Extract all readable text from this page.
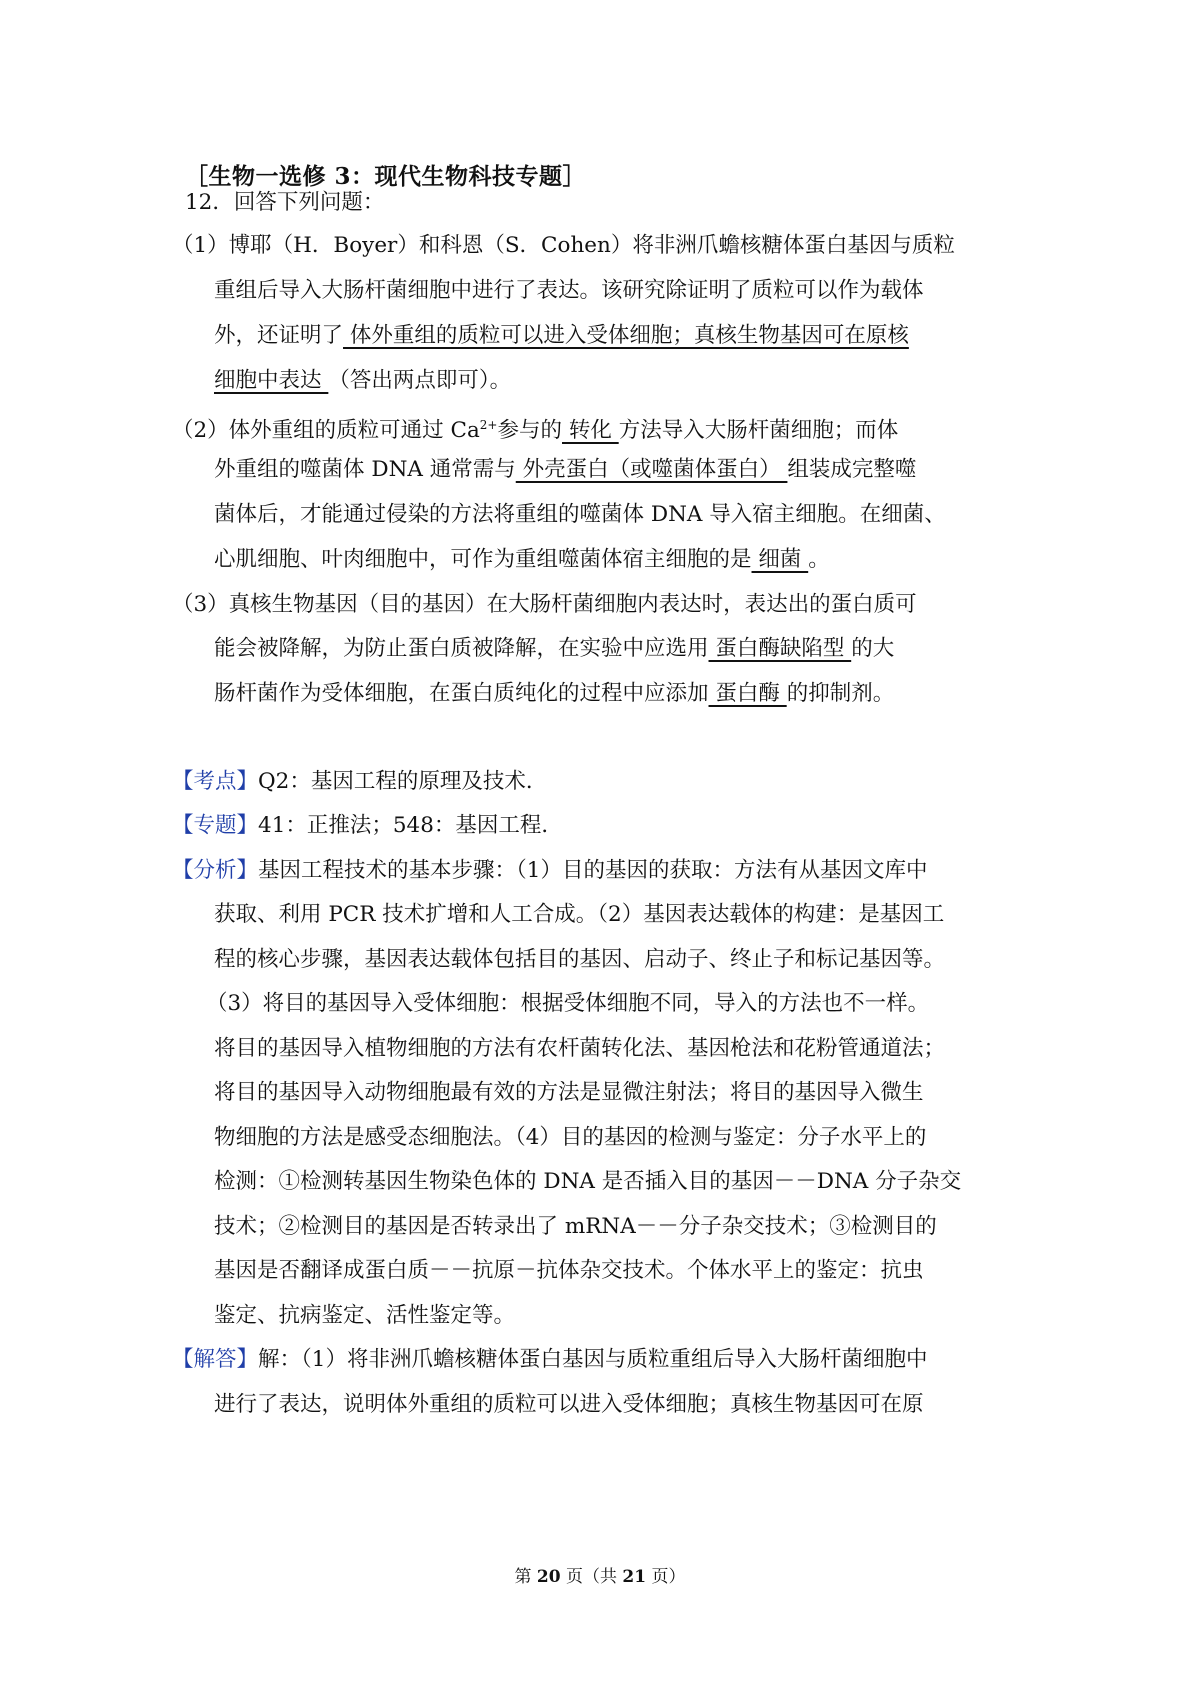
［生物一选修 3：现代生物科技专题］
12．回答下列问题：
（1）博耶（H．Boyer）和科恩（S．Cohen）将非洲爪蟾核糖体蛋白基因与质粒
重组后导入大肠杆菌细胞中进行了表达。该研究除证明了质粒可以作为载体
外，还证明了 体外重组的质粒可以进入受体细胞；真核生物基因可在原核
细胞中表达 （答出两点即可）。
（2）体外重组的质粒可通过 $Ca^{2+}$参与的 转化 方法导入大肠杆菌细胞；而体
外重组的噬菌体 DNA 通常需与 外壳蛋白（或噬菌体蛋白） 组装成完整噬
菌体后，才能通过侵染的方法将重组的噬菌体 DNA 导入宿主细胞。在细菌、
心肌细胞、叶肉细胞中，可作为重组噬菌体宿主细胞的是 细菌 。
（3）真核生物基因（目的基因）在大肠杆菌细胞内表达时，表达出的蛋白质可
能会被降解，为防止蛋白质被降解，在实验中应选用 蛋白酶缺陷型 的大
肠杆菌作为受体细胞，在蛋白质纯化的过程中应添加 蛋白酶 的抑制剂。
【考点】Q2：基因工程的原理及技术．
【专题】41：正推法；548：基因工程．
【分析】基因工程技术的基本步骤：（1）目的基因的获取：方法有从基因文库中
获取、利用 PCR 技术扩增和人工合成。（2）基因表达载体的构建：是基因工
程的核心步骤，基因表达载体包括目的基因、启动子、终止子和标记基因等。
（3）将目的基因导入受体细胞：根据受体细胞不同，导入的方法也不一样。
将目的基因导入植物细胞的方法有农杆菌转化法、基因枪法和花粉管通道法；
将目的基因导入动物细胞最有效的方法是显微注射法；将目的基因导入微生
物细胞的方法是感受态细胞法。（4）目的基因的检测与鉴定：分子水平上的
检测：①检测转基因生物染色体的 DNA 是否插入目的基因－－DNA 分子杂交
技术；②检测目的基因是否转录出了 mRNA－－分子杂交技术；③检测目的
基因是否翻译成蛋白质－－抗原－抗体杂交技术。个体水平上的鉴定：抗虫
鉴定、抗病鉴定、活性鉴定等。
【解答】解：（1）将非洲爪蟾核糖体蛋白基因与质粒重组后导入大肠杆菌细胞中
进行了表达，说明体外重组的质粒可以进入受体细胞；真核生物基因可在原
第 20 页（共 21 页）
